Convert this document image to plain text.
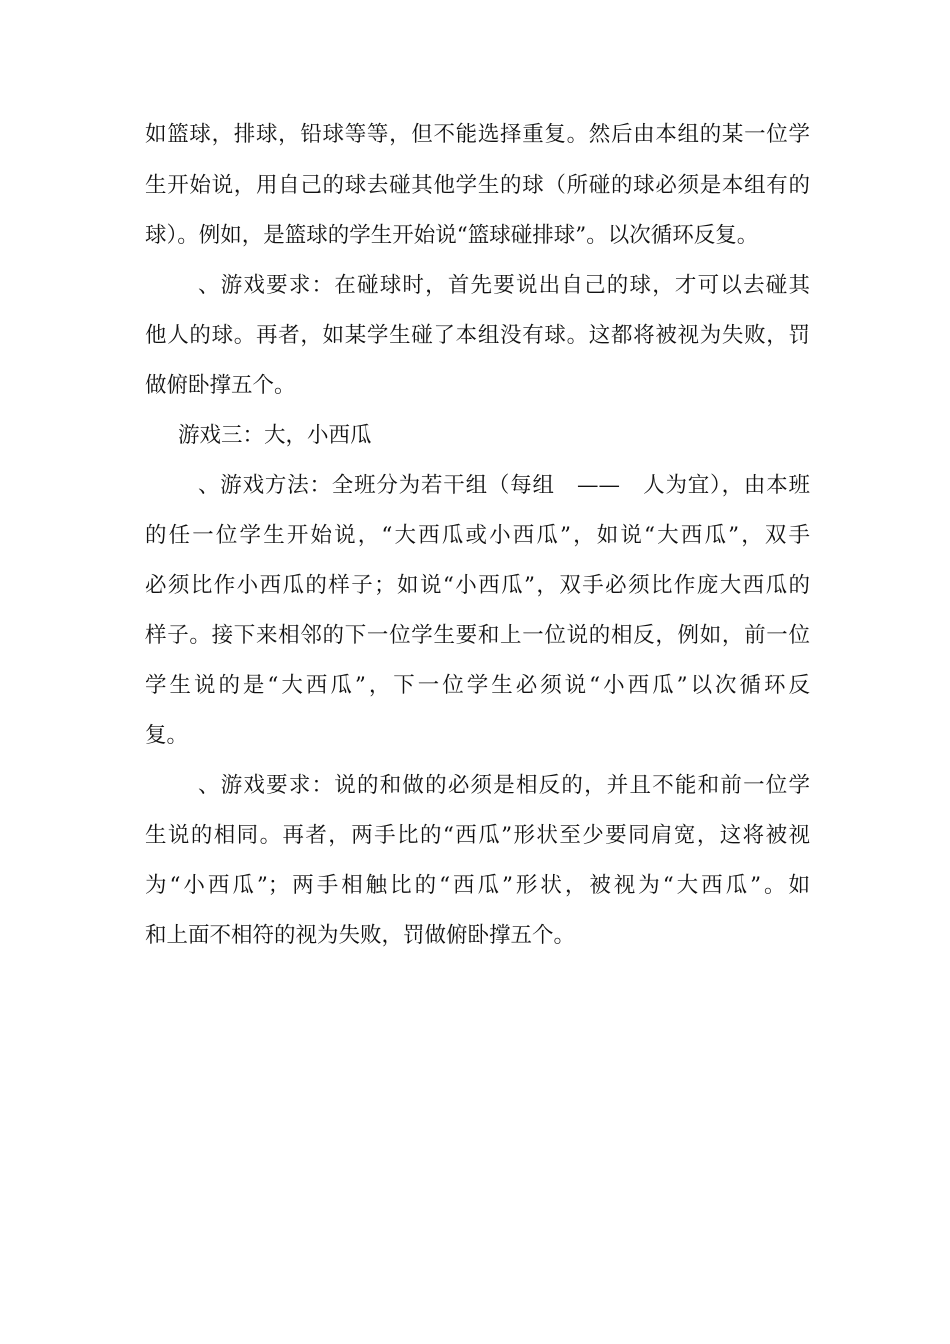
如篮球，排球，铅球等等，但不能选择重复。然后由本组的某一位学
生开始说，用自己的球去碰其他学生的球（所碰的球必须是本组有的
球）。例如，是篮球的学生开始说“篮球碰排球”。以次循环反复。
、游戏要求：在碰球时，首先要说出自己的球，才可以去碰其
他人的球。再者，如某学生碰了本组没有球。这都将被视为失败，罚
做俯卧撑五个。
游戏三：大，小西瓜
、游戏方法：全班分为若干组（每组　——　人为宜），由本班
的任一位学生开始说，“大西瓜或小西瓜”，如说“大西瓜”，双手
必须比作小西瓜的样子；如说“小西瓜”，双手必须比作庞大西瓜的
样子。接下来相邻的下一位学生要和上一位说的相反，例如，前一位
学生说的是“大西瓜”，下一位学生必须说“小西瓜”以次循环反
复。
、游戏要求：说的和做的必须是相反的，并且不能和前一位学
生说的相同。再者，两手比的“西瓜”形状至少要同肩宽，这将被视
为“小西瓜”；两手相触比的“西瓜”形状，被视为“大西瓜”。如
和上面不相符的视为失败，罚做俯卧撑五个。
